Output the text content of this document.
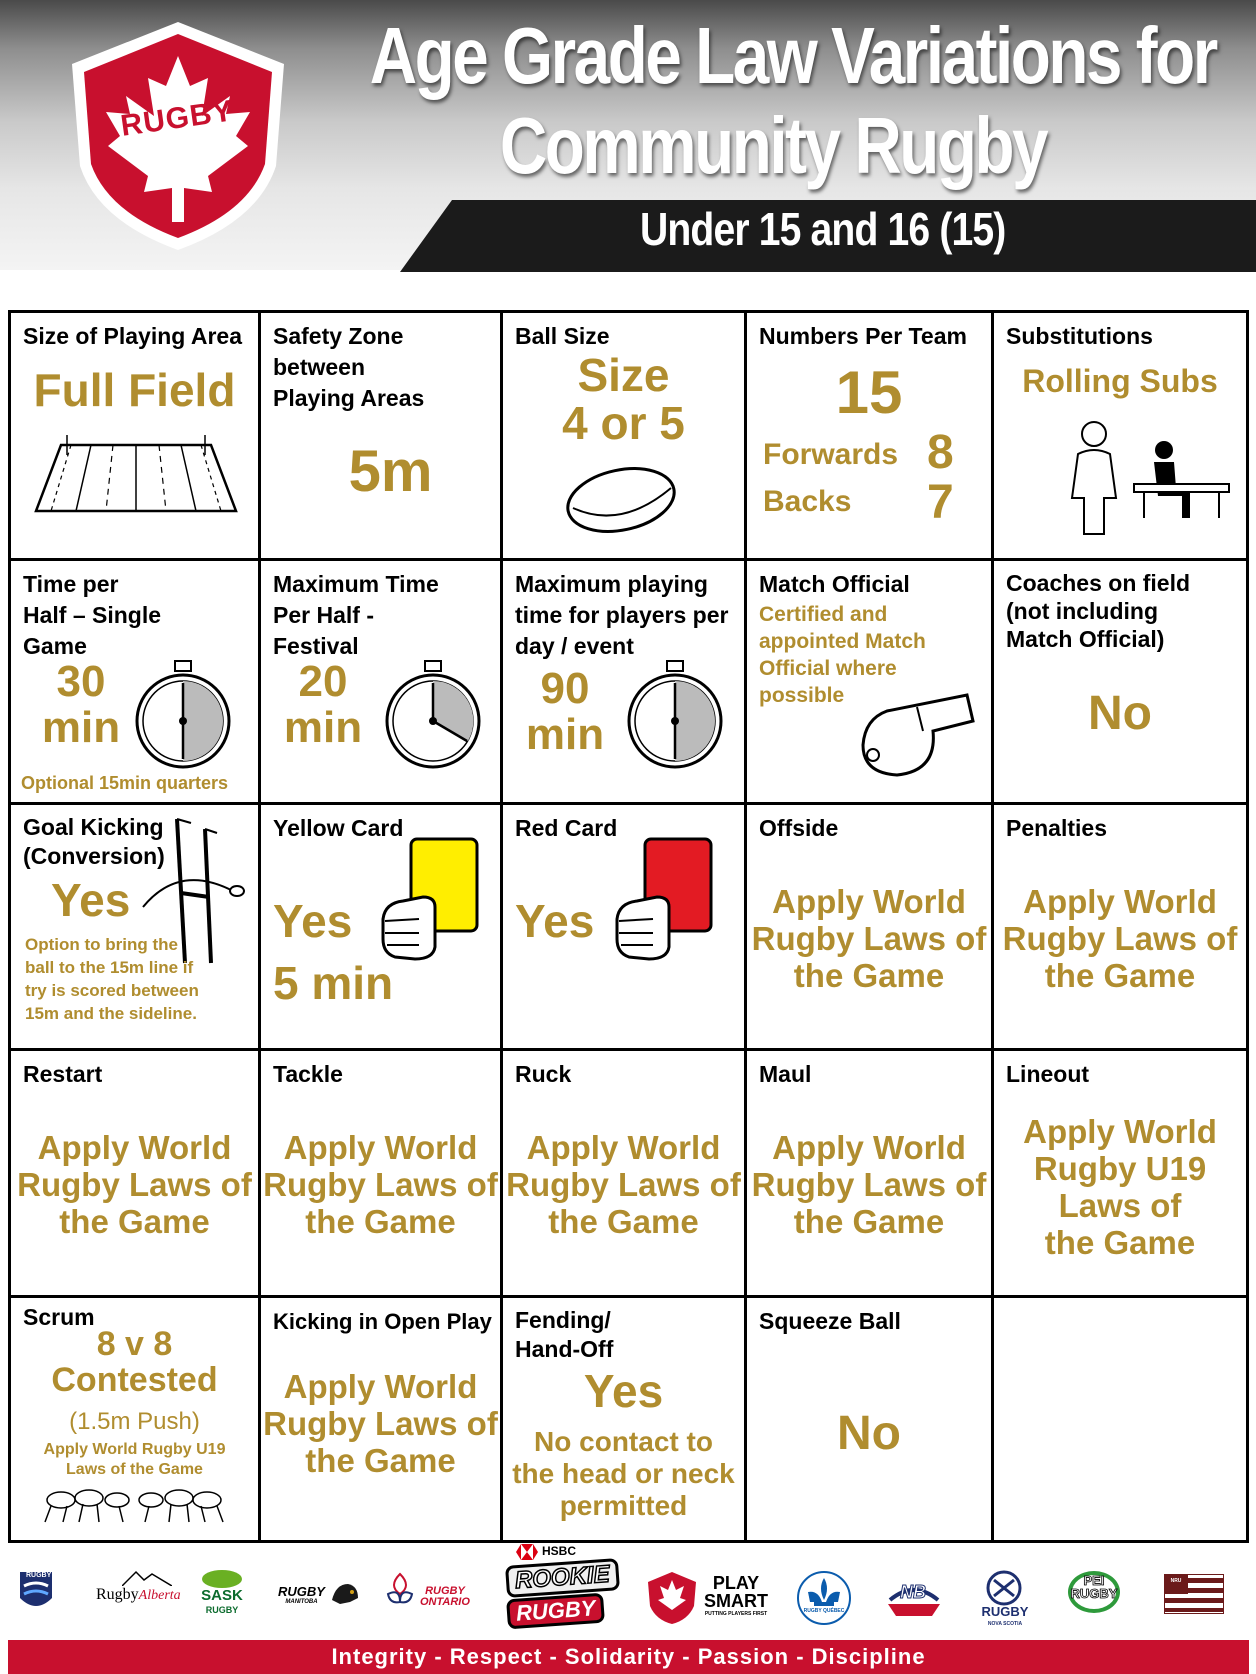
RUGBY
Age Grade Law Variations for
Community Rugby
Under 15 and 16 (15)
Size of Playing Area
Full Field
Safety Zone
between
Playing Areas
5m
Ball Size
Size
4 or 5
Numbers Per Team
15
Forwards 8
Backs 7
Substitutions
Rolling Subs
Time per
Half – Single
Game
30
min
Optional 15min quarters
Maximum Time
Per Half -
Festival
20
min
Maximum playing
time for players per
day / event
90
min
Match Official
Certified and
appointed Match
Official where
possible
Coaches on field
(not including
Match Official)
No
Goal Kicking
(Conversion)
Yes
Option to bring the
ball to the 15m line if
try is scored between
15m and the sideline.
Yellow Card
Yes
5 min
Red Card
Yes
Offside
Apply World
Rugby Laws of
the Game
Penalties
Apply World
Rugby Laws of
the Game
Restart
Apply World
Rugby Laws of
the Game
Tackle
Apply World
Rugby Laws of
the Game
Ruck
Apply World
Rugby Laws of
the Game
Maul
Apply World
Rugby Laws of
the Game
Lineout
Apply World
Rugby U19
Laws of
the Game
Scrum
8 v 8
Contested
(1.5m Push)
Apply World Rugby U19
Laws of the Game
Kicking in Open Play
Apply World
Rugby Laws of
the Game
Fending/
Hand-Off
Yes
No contact to
the head or neck
permitted
Squeeze Ball
No
RUGBY
RugbyAlberta SASK
RUGBY
RUGBY
MANITOBA
RUGBY
ONTARIO
HSBC
ROOKIE RUGBY
PLAY
SMART
PUTTING PLAYERS FIRST	RUGBY QUÉBEC
NB
RUGBY
NOVA SCOTIA
PEI
RUGBY
NRU
Integrity - Respect - Solidarity - Passion - Discipline
